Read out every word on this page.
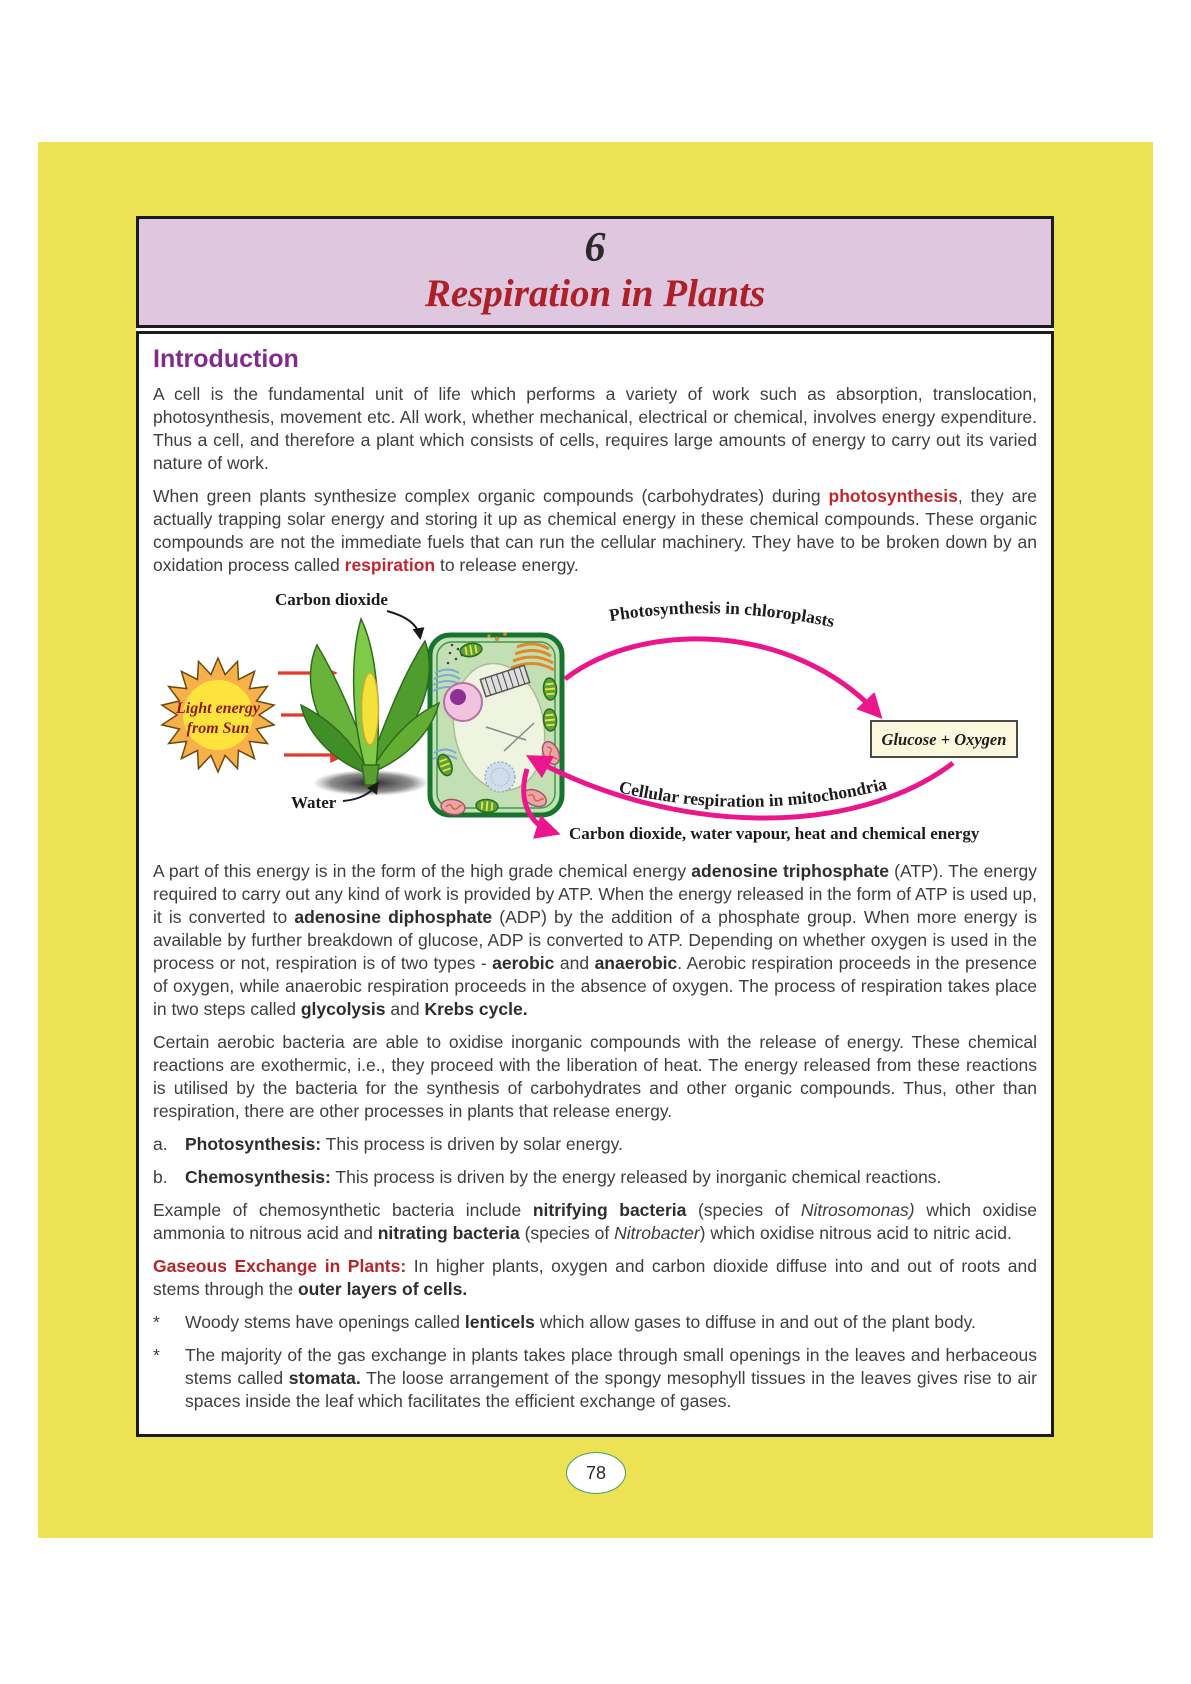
6
Respiration in Plants
Introduction

A cell is the fundamental unit of life which performs a variety of work such as absorption, translocation, photosynthesis, movement etc. All work, whether mechanical, electrical or chemical, involves energy expenditure. Thus a cell, and therefore a plant which consists of cells, requires large amounts of energy to carry out its varied nature of work.

When green plants synthesize complex organic compounds (carbohydrates) during photosynthesis, they are actually trapping solar energy and storing it up as chemical energy in these chemical compounds. These organic compounds are not the immediate fuels that can run the cellular machinery. They have to be broken down by an oxidation process called respiration to release energy.

Light energy
from Sun
Carbon dioxide
Water
Photosynthesis in chloroplasts
Cellular respiration in mitochondria
Glucose + Oxygen
Carbon dioxide, water vapour, heat and chemical energy

A part of this energy is in the form of the high grade chemical energy adenosine triphosphate (ATP). The energy required to carry out any kind of work is provided by ATP. When the energy released in the form of ATP is used up, it is converted to adenosine diphosphate (ADP) by the addition of a phosphate group. When more energy is available by further breakdown of glucose, ADP is converted to ATP. Depending on whether oxygen is used in the process or not, respiration is of two types - aerobic and anaerobic. Aerobic respiration proceeds in the presence of oxygen, while anaerobic respiration proceeds in the absence of oxygen. The process of respiration takes place in two steps called glycolysis and Krebs cycle.

Certain aerobic bacteria are able to oxidise inorganic compounds with the release of energy. These chemical reactions are exothermic, i.e., they proceed with the liberation of heat. The energy released from these reactions is utilised by the bacteria for the synthesis of carbohydrates and other organic compounds. Thus, other than respiration, there are other processes in plants that release energy.

a. Photosynthesis: This process is driven by solar energy.
b. Chemosynthesis: This process is driven by the energy released by inorganic chemical reactions.

Example of chemosynthetic bacteria include nitrifying bacteria (species of Nitrosomonas) which oxidise ammonia to nitrous acid and nitrating bacteria (species of Nitrobacter) which oxidise nitrous acid to nitric acid.

Gaseous Exchange in Plants: In higher plants, oxygen and carbon dioxide diffuse into and out of roots and stems through the outer layers of cells.

*	Woody stems have openings called lenticels which allow gases to diffuse in and out of the plant body.
*	The majority of the gas exchange in plants takes place through small openings in the leaves and herbaceous stems called stomata. The loose arrangement of the spongy mesophyll tissues in the leaves gives rise to air spaces inside the leaf which facilitates the efficient exchange of gases.
78
